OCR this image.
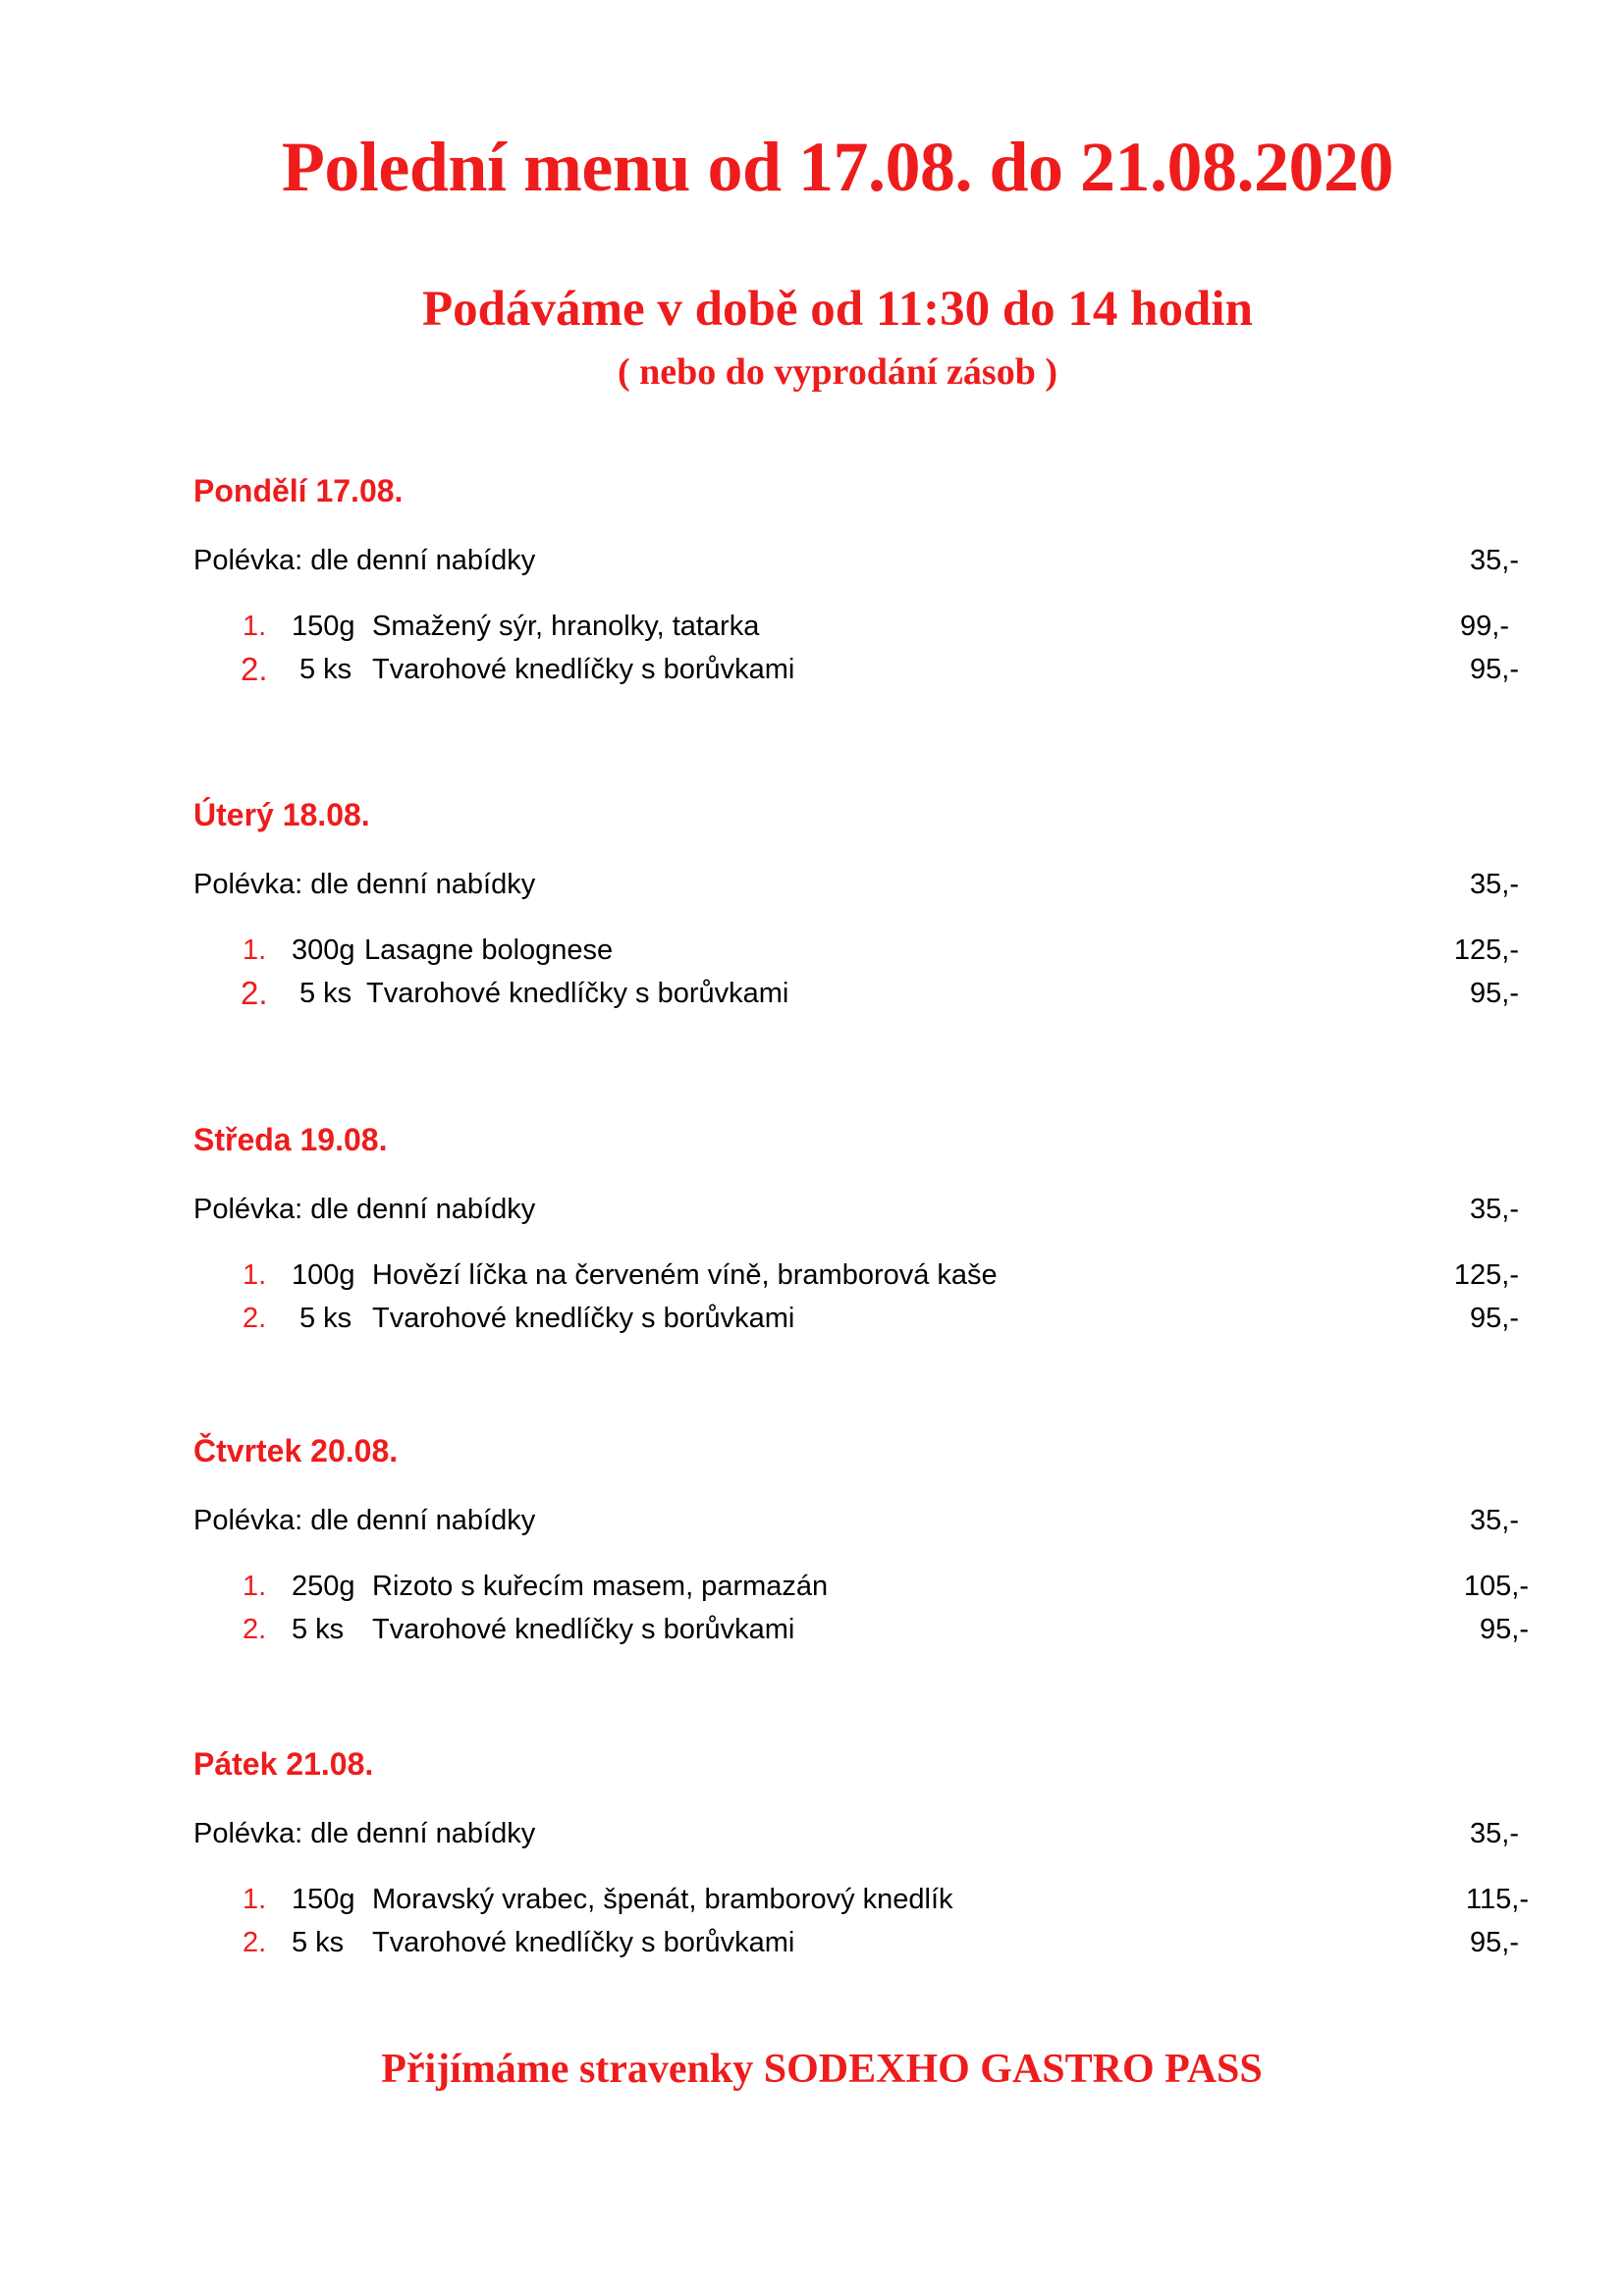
Polední menu od 17.08. do 21.08.2020
Podáváme v době od 11:30 do 14 hodin

( nebo do vyprodání zásob )

Pondělí 17.08.
Polévka: dle denní nabídky	35,-
1. 150g Smažený sýr, hranolky, tatarka	99,-
2. 5 ks Tvarohové knedlíčky s borůvkami	95,-
Úterý 18.08.
Polévka: dle denní nabídky	35,-
1. 300g Lasagne bolognese	125,-
2. 5 ks Tvarohové knedlíčky s borůvkami	95,-
Středa 19.08.
Polévka: dle denní nabídky	35,-
1. 100g Hovězí líčka na červeném víně, bramborová kaše	125,-
2. 5 ks Tvarohové knedlíčky s borůvkami	95,-
Čtvrtek 20.08.
Polévka: dle denní nabídky	35,-
1. 250g Rizoto s kuřecím masem, parmazán	105,-
2. 5 ks Tvarohové knedlíčky s borůvkami	95,-
Pátek 21.08.
Polévka: dle denní nabídky	35,-
1. 150g Moravský vrabec, špenát, bramborový knedlík	115,-
2. 5 ks Tvarohové knedlíčky s borůvkami	95,-

Přijímáme stravenky SODEXHO GASTRO PASS
